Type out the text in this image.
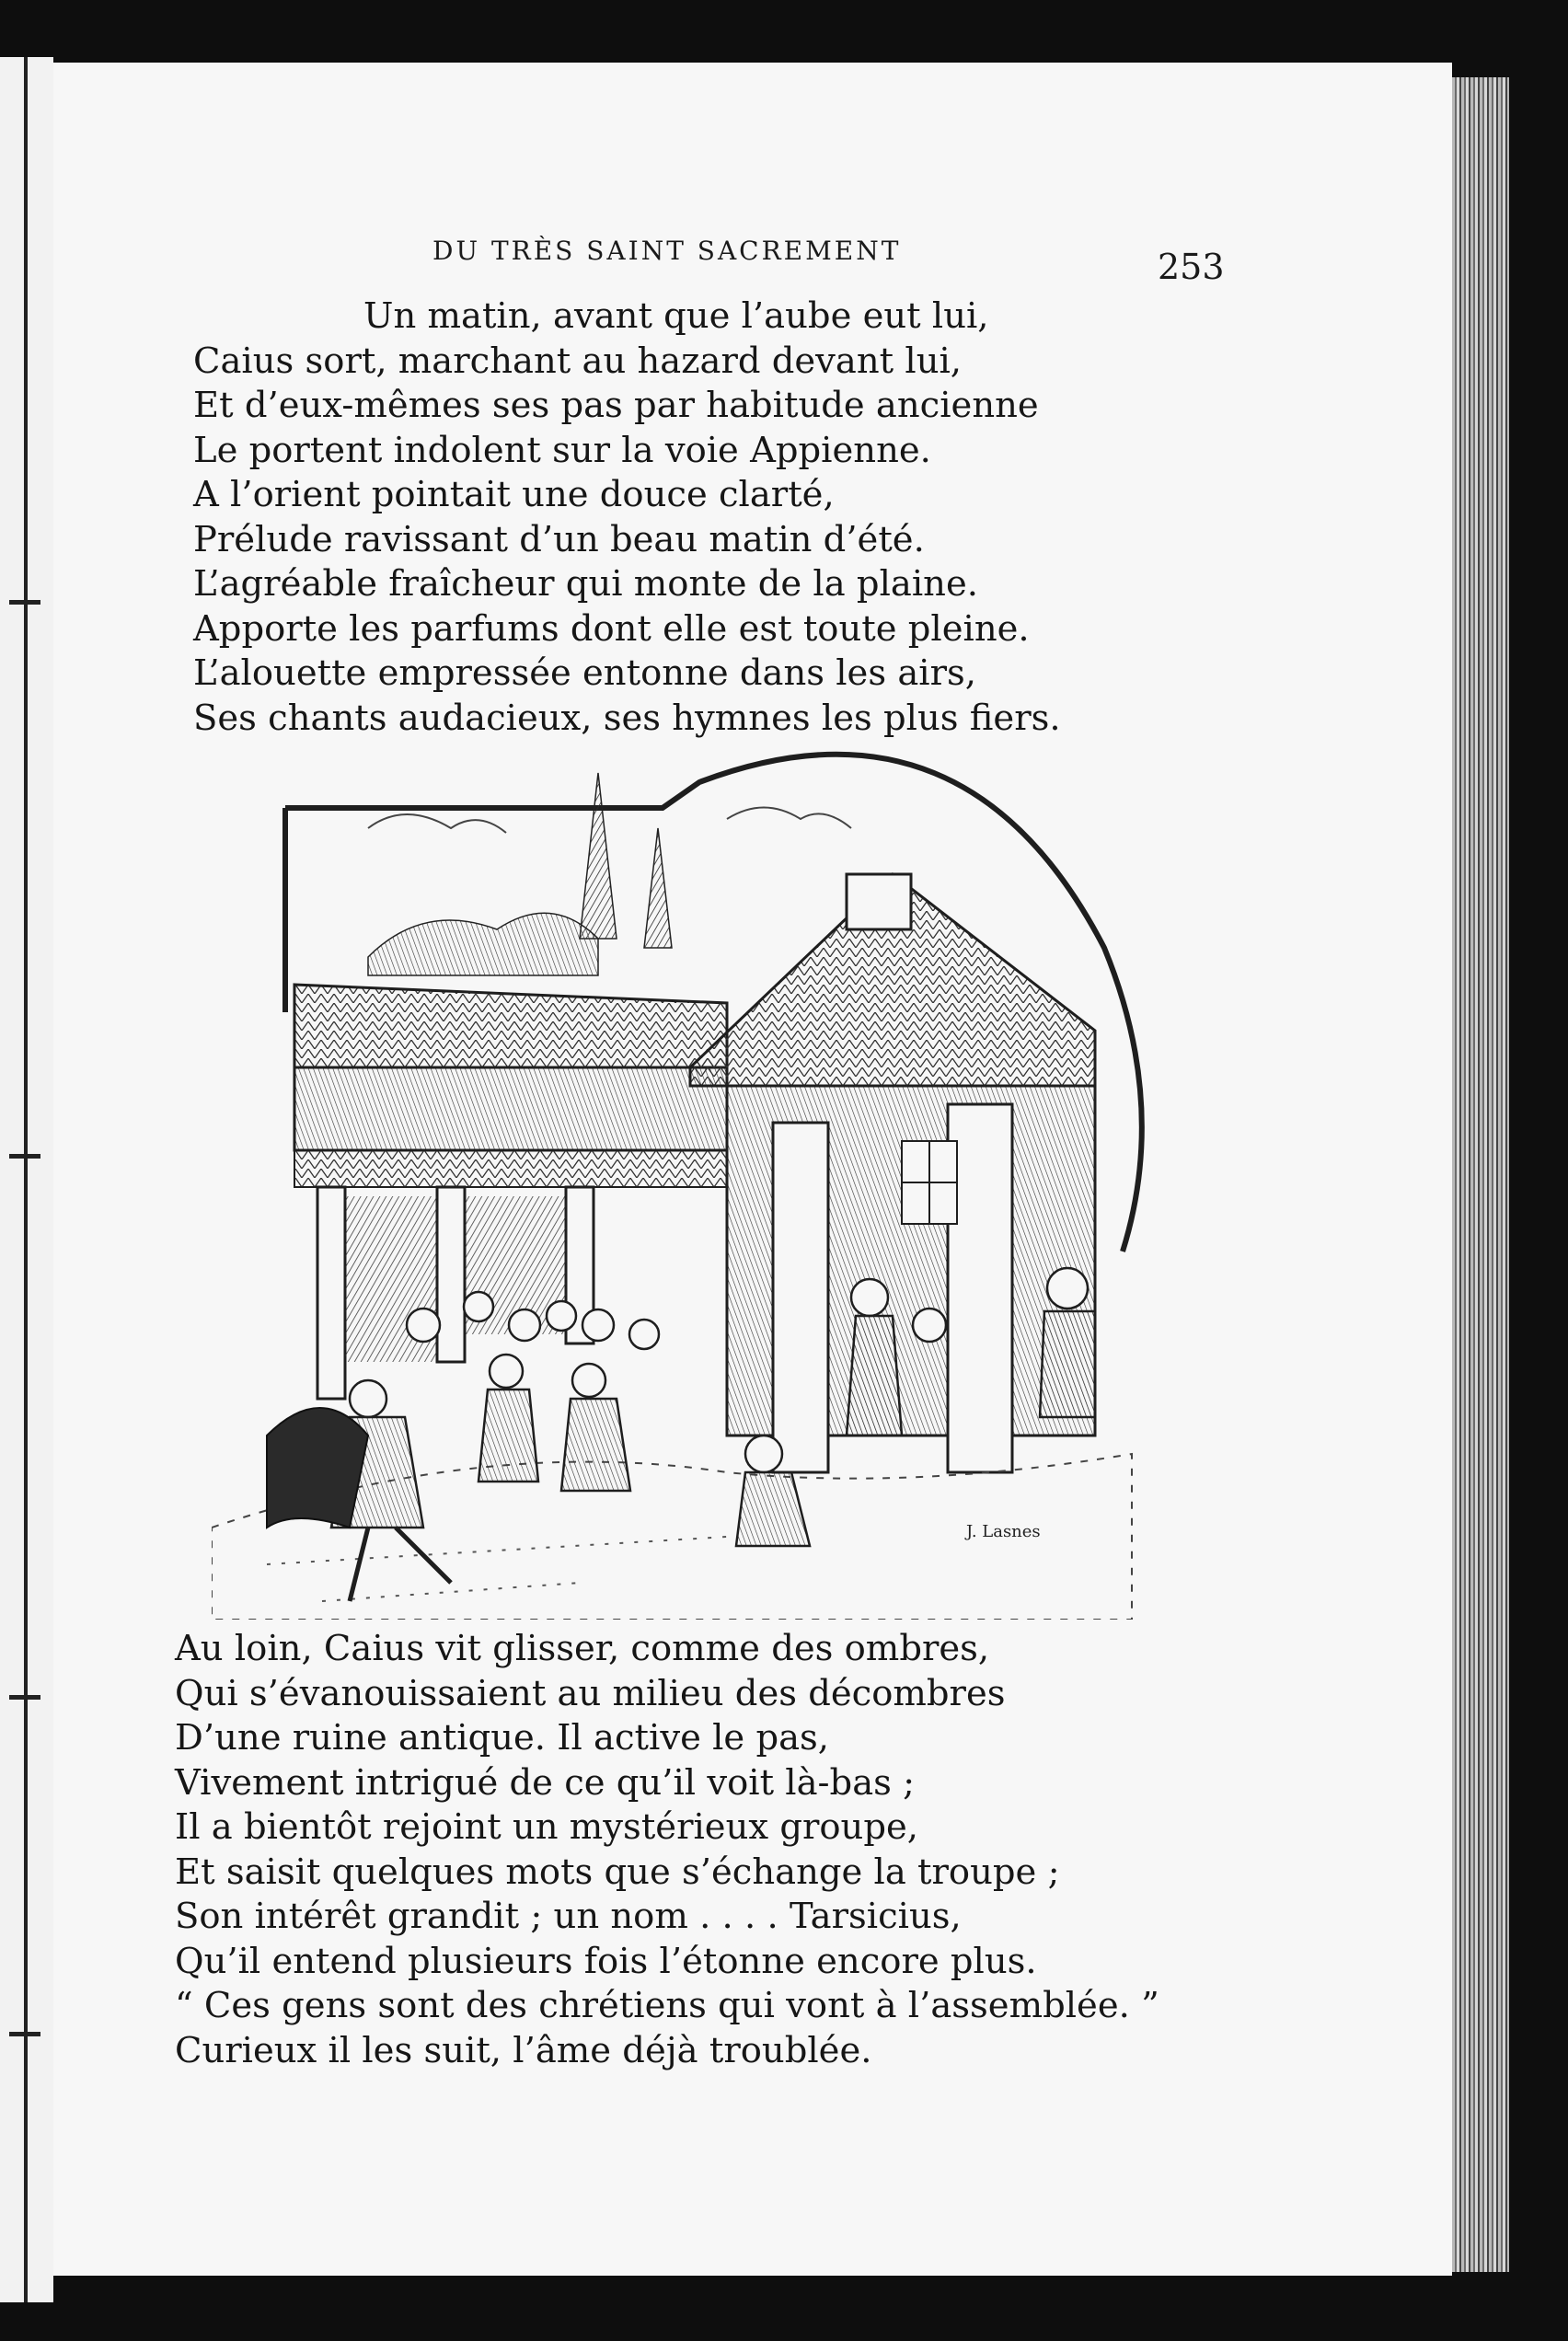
DU TRÈS SAINT SACREMENT	253
Un matin, avant que l’aube eut lui,
Caius sort, marchant au hazard devant lui,
Et d’eux-mêmes ses pas par habitude ancienne
Le portent indolent sur la voie Appienne.
A l’orient pointait une douce clarté,
Prélude ravissant d’un beau matin d’été.
L’agréable fraîcheur qui monte de la plaine.
Apporte les parfums dont elle est toute pleine.
L’alouette empressée entonne dans les airs,
Ses chants audacieux, ses hymnes les plus fiers.
J. Lasnes
Au loin, Caius vit glisser, comme des ombres,
Qui s’évanouissaient au milieu des décombres
D’une ruine antique. Il active le pas,
Vivement intrigué de ce qu’il voit là-bas ;
Il a bientôt rejoint un mystérieux groupe,
Et saisit quelques mots que s’échange la troupe ;
Son intérêt grandit ; un nom . . . . Tarsicius,
Qu’il entend plusieurs fois l’étonne encore plus.
“ Ces gens sont des chrétiens qui vont à l’assemblée. ”
Curieux il les suit, l’âme déjà troublée.
